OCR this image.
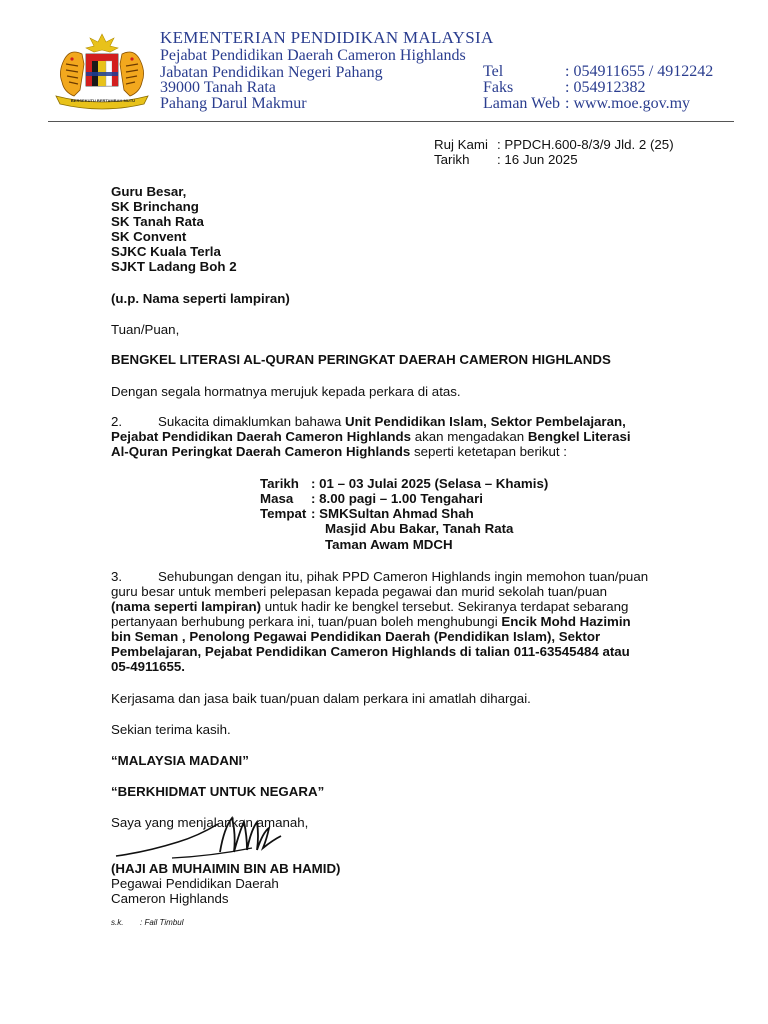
BERSEKUTU BERTAMBAH MUTU
KEMENTERIAN PENDIDIKAN MALAYSIA
Pejabat Pendidikan Daerah Cameron Highlands
Jabatan Pendidikan Negeri Pahang
39000 Tanah Rata
Pahang Darul Makmur
Tel	: 054911655 / 4912242
Faks	: 054912382
Laman Web : www.moe.gov.my
Ruj Kami : PPDCH.600-8/3/9 Jld. 2 (25)
Tarikh : 16 Jun 2025
Guru Besar,
SK Brinchang
SK Tanah Rata
SK Convent
SJKC Kuala Terla
SJKT Ladang Boh 2
(u.p. Nama seperti lampiran)
Tuan/Puan,
BENGKEL LITERASI AL-QURAN PERINGKAT DAERAH CAMERON HIGHLANDS
Dengan segala hormatnya merujuk kepada perkara di atas.
2.	Sukacita dimaklumkan bahawa Unit Pendidikan Islam, Sektor Pembelajaran,
Pejabat Pendidikan Daerah Cameron Highlands akan mengadakan Bengkel Literasi
Al-Quran Peringkat Daerah Cameron Highlands seperti ketetapan berikut :
Tarikh : 01 – 03 Julai 2025 (Selasa – Khamis)
Masa : 8.00 pagi – 1.00 Tengahari
Tempat : SMKSultan Ahmad Shah
Masjid Abu Bakar, Tanah Rata
Taman Awam MDCH
3.	Sehubungan dengan itu, pihak PPD Cameron Highlands ingin memohon tuan/puan
guru besar untuk memberi pelepasan kepada pegawai dan murid sekolah tuan/puan
(nama seperti lampiran) untuk hadir ke bengkel tersebut. Sekiranya terdapat sebarang
pertanyaan berhubung perkara ini, tuan/puan boleh menghubungi Encik Mohd Hazimin
bin Seman , Penolong Pegawai Pendidikan Daerah (Pendidikan Islam), Sektor
Pembelajaran, Pejabat Pendidikan Cameron Highlands di talian 011-63545484 atau
05-4911655.
Kerjasama dan jasa baik tuan/puan dalam perkara ini amatlah dihargai.
Sekian terima kasih.
“MALAYSIA MADANI”
“BERKHIDMAT UNTUK NEGARA”
Saya yang menjalankan amanah,
(HAJI AB MUHAIMIN BIN AB HAMID)
Pegawai Pendidikan Daerah
Cameron Highlands
s.k. : Fail Timbul
